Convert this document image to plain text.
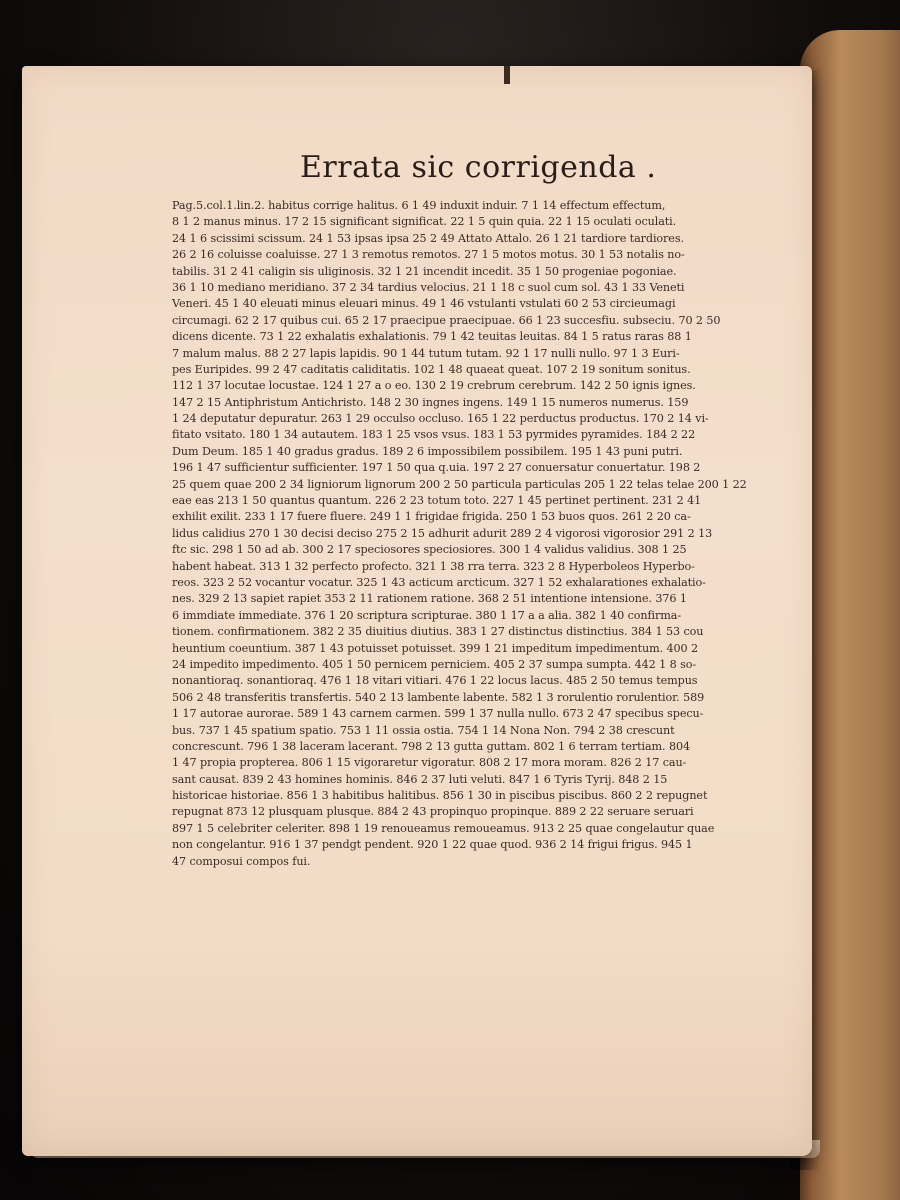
Errata sic corrigenda .
Pag.5.col.1.lin.2. habitus corrige halitus. 6 1 49 induxit induir. 7 1 14 effectum effectum,
8 1 2 manus minus. 17 2 15 significant significat. 22 1 5 quin quia. 22 1 15 oculati oculati.
24 1 6 scissimi scissum. 24 1 53 ipsas ipsa 25 2 49 Attato Attalo. 26 1 21 tardiore tardiores.
26 2 16 coluisse coaluisse. 27 1 3 remotus remotos. 27 1 5 motos motus. 30 1 53 notalis no-
tabilis. 31 2 41 caligin sis uliginosis. 32 1 21 incendit incedit. 35 1 50 progeniae pogoniae.
36 1 10 mediano meridiano. 37 2 34 tardius velocius. 21 1 18 c suol cum sol. 43 1 33 Veneti
Veneri. 45 1 40 eleuati minus eleuari minus. 49 1 46 vstulanti vstulati 60 2 53 circieumagi
circumagi. 62 2 17 quibus cui. 65 2 17 praecipue praecipuae. 66 1 23 succesfiu. subseciu. 70 2 50
dicens dicente. 73 1 22 exhalatis exhalationis. 79 1 42 teuitas leuitas. 84 1 5 ratus raras 88 1
7 malum malus. 88 2 27 lapis lapidis. 90 1 44 tutum tutam. 92 1 17 nulli nullo. 97 1 3 Euri-
pes Euripides. 99 2 47 caditatis caliditatis. 102 1 48 quaeat queat. 107 2 19 sonitum sonitus.
112 1 37 locutae locustae. 124 1 27 a o eo. 130 2 19 crebrum cerebrum. 142 2 50 ignis ignes.
147 2 15 Antiphristum Antichristo. 148 2 30 ingnes ingens. 149 1 15 numeros numerus. 159
1 24 deputatur depuratur. 263 1 29 occulso occluso. 165 1 22 perductus productus. 170 2 14 vi-
fitato vsitato. 180 1 34 autautem. 183 1 25 vsos vsus. 183 1 53 pyrmides pyramides. 184 2 22
Dum Deum. 185 1 40 gradus gradus. 189 2 6 impossibilem possibilem. 195 1 43 puni putri.
196 1 47 sufficientur sufficienter. 197 1 50 qua q.uia. 197 2 27 conuersatur conuertatur. 198 2
25 quem quae 200 2 34 ligniorum lignorum 200 2 50 particula particulas 205 1 22 telas telae 200 1 22
eae eas 213 1 50 quantus quantum. 226 2 23 totum toto. 227 1 45 pertinet pertinent. 231 2 41
exhilit exilit. 233 1 17 fuere fluere. 249 1 1 frigidae frigida. 250 1 53 buos quos. 261 2 20 ca-
lidus calidius 270 1 30 decisi deciso 275 2 15 adhurit adurit 289 2 4 vigorosi vigorosior 291 2 13
ftc sic. 298 1 50 ad ab. 300 2 17 speciosores speciosiores. 300 1 4 validus validius. 308 1 25
habent habeat. 313 1 32 perfecto profecto. 321 1 38 rra terra. 323 2 8 Hyperboleos Hyperbo-
reos. 323 2 52 vocantur vocatur. 325 1 43 acticum arcticum. 327 1 52 exhalarationes exhalatio-
nes. 329 2 13 sapiet rapiet 353 2 11 rationem ratione. 368 2 51 intentione intensione. 376 1
6 immdiate immediate. 376 1 20 scriptura scripturae. 380 1 17 a a alia. 382 1 40 confirma-
tionem. confirmationem. 382 2 35 diuitius diutius. 383 1 27 distinctus distinctius. 384 1 53 cou
heuntium coeuntium. 387 1 43 potuisset potuisset. 399 1 21 impeditum impedimentum. 400 2
24 impedito impedimento. 405 1 50 pernicem perniciem. 405 2 37 sumpa sumpta. 442 1 8 so-
nonantioraq. sonantioraq. 476 1 18 vitari vitiari. 476 1 22 locus lacus. 485 2 50 temus tempus
506 2 48 transferitis transfertis. 540 2 13 lambente labente. 582 1 3 rorulentio rorulentior. 589
1 17 autorae aurorae. 589 1 43 carnem carmen. 599 1 37 nulla nullo. 673 2 47 specibus specu-
bus. 737 1 45 spatium spatio. 753 1 11 ossia ostia. 754 1 14 Nona Non. 794 2 38 crescunt
concrescunt. 796 1 38 laceram lacerant. 798 2 13 gutta guttam. 802 1 6 terram tertiam. 804
1 47 propia propterea. 806 1 15 vigoraretur vigoratur. 808 2 17 mora moram. 826 2 17 cau-
sant causat. 839 2 43 homines hominis. 846 2 37 luti veluti. 847 1 6 Tyris Tyrij. 848 2 15
historicae historiae. 856 1 3 habitibus halitibus. 856 1 30 in piscibus piscibus. 860 2 2 repugnet
repugnat 873 12 plusquam plusque. 884 2 43 propinquo propinque. 889 2 22 seruare seruari
897 1 5 celebriter celeriter. 898 1 19 renoueamus remoueamus. 913 2 25 quae congelautur quae
non congelantur. 916 1 37 pendgt pendent. 920 1 22 quae quod. 936 2 14 frigui frigus. 945 1
47 composui compos fui.
